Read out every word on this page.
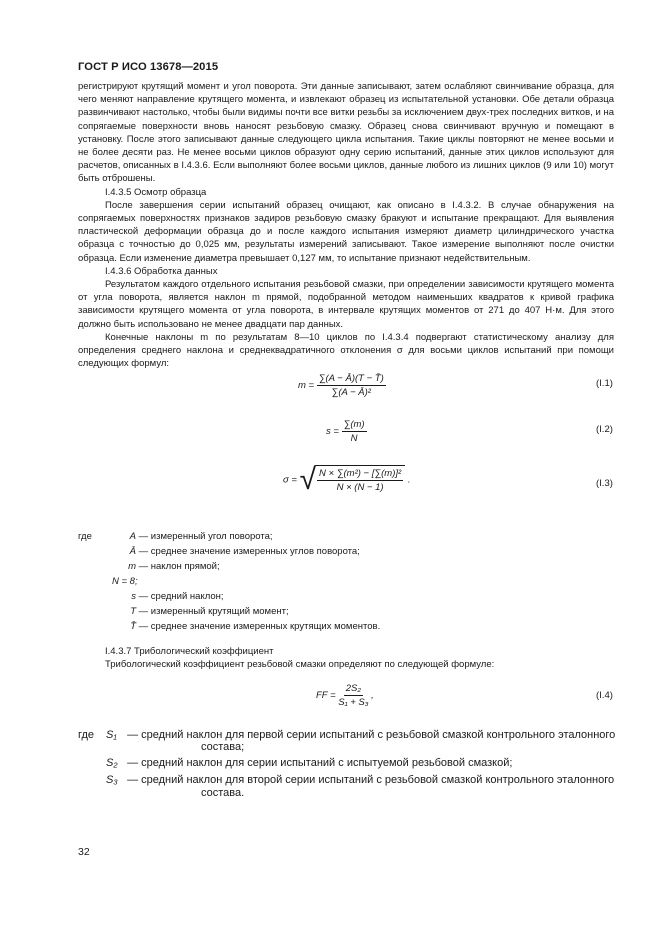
ГОСТ Р ИСО 13678—2015

регистрируют крутящий момент и угол поворота. Эти данные записывают, затем ослабляют свинчивание образца, для чего меняют направление крутящего момента, и извлекают образец из испытательной установки. Обе детали образца развинчивают настолько, чтобы были видимы почти все витки резьбы за исключением двух-трех последних витков, и на сопрягаемые поверхности вновь наносят резьбовую смазку. Образец снова свинчивают вручную и помещают в установку. После этого записывают данные следующего цикла испытания. Такие циклы повторяют не менее восьми и не более десяти раз. Не менее восьми циклов образуют одну серию испытаний, данные этих циклов используют для расчетов, описанных в I.4.3.6. Если выполняют более восьми циклов, данные любого из лишних циклов (9 или 10) могут быть отброшены.

I.4.3.5 Осмотр образца

После завершения серии испытаний образец очищают, как описано в I.4.3.2. В случае обнаружения на сопрягаемых поверхностях признаков задиров резьбовую смазку бракуют и испытание прекращают. Для выявления пластической деформации образца до и после каждого испытания измеряют диаметр цилиндрического участка образца с точностью до 0,025 мм, результаты измерений записывают. Такое измерение выполняют после очистки образца. Если изменение диаметра превышает 0,127 мм, то испытание признают недействительным.

I.4.3.6 Обработка данных

Результатом каждого отдельного испытания резьбовой смазки, при определении зависимости крутящего момента от угла поворота, является наклон m прямой, подобранной методом наименьших квадратов к кривой графика зависимости крутящего момента от угла поворота, в интервале крутящих моментов от 271 до 407 Н·м. Для этого должно быть использовано не менее двадцати пар данных.

Конечные наклоны m по результатам 8—10 циклов по I.4.3.4 подвергают статистическому анализу для определения среднего наклона и среднеквадратичного отклонения σ для восьми циклов испытаний при помощи следующих формул:

$m = \frac{\sum(A - Ā)(T - T̄)}{\text{∑(A − Ā)²}}$	(I.1)
$s = \frac{\sum(m)}{N}$	(I.2)
σ = √ $\frac{\text{N × ∑(m²) − [∑(m)]²}}{N \times (N - 1)}$ .	(I.3)
где	A — измеренный угол поворота;
Ā — среднее значение измеренных углов поворота;
m — наклон прямой;
N = 8;
s — средний наклон;
T — измеренный крутящий момент;
T̄ — среднее значение измеренных крутящих моментов.
I.4.3.7 Трибологический коэффициент
Трибологический коэффициент резьбовой смазки определяют по следующей формуле:
FF = $\frac{\text{2S₂}}{\text{S₁ + S₃}}$ ,	(I.4)
где S₁ — средний наклон для первой серии испытаний с резьбовой смазкой контрольного эталонного
состава;
S₂ — средний наклон для серии испытаний с испытуемой резьбовой смазкой;
S₃ — средний наклон для второй серии испытаний с резьбовой смазкой контрольного эталонного
состава.
32
